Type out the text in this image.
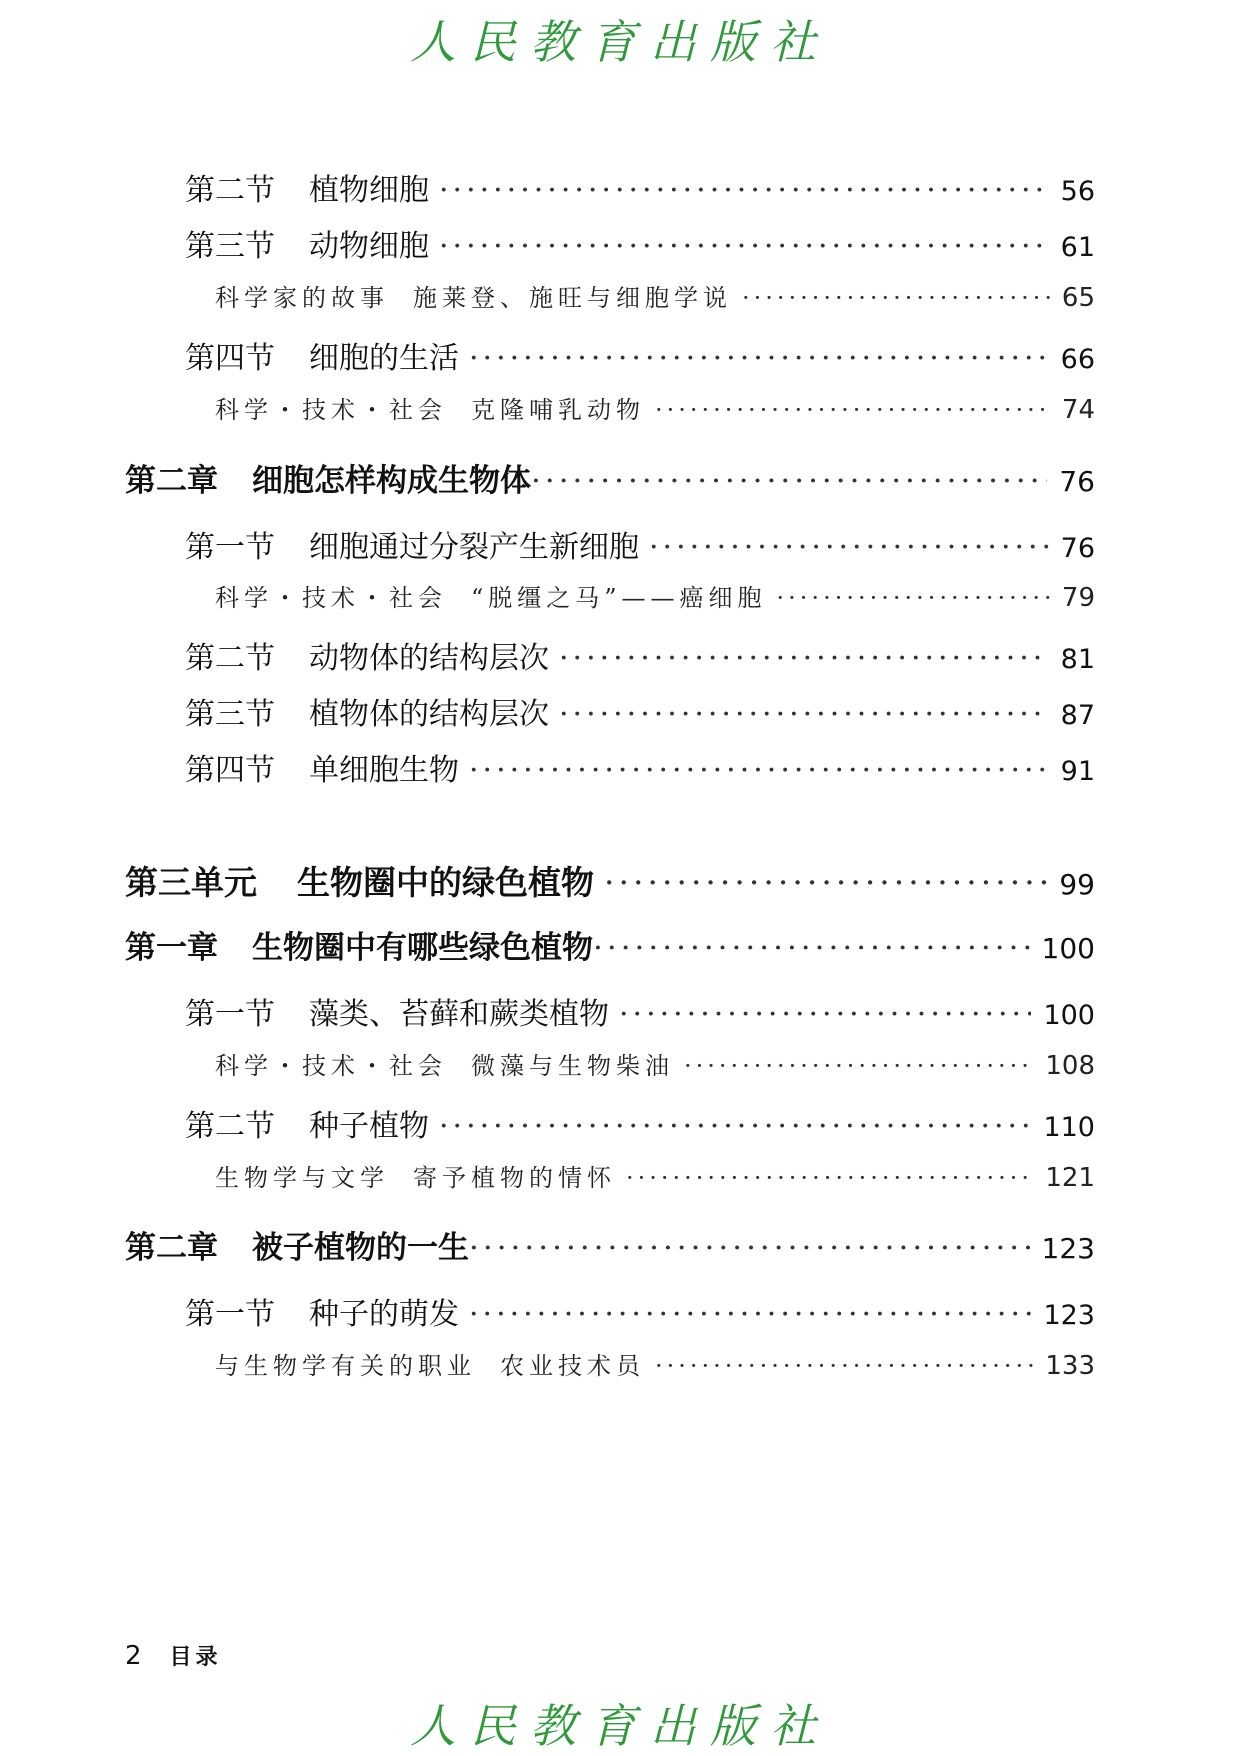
人民教育出版社
第二节 植物细胞 ·····	56
第三节 动物细胞 ·····	61
科学家的故事 施莱登、施旺与细胞学说 ·····	65
第四节 细胞的生活 ·····	66
科学・技术・社会 克隆哺乳动物 ·····	74
第二章 细胞怎样构成生物体 ·····	76
第一节 细胞通过分裂产生新细胞 ·····	76
科学・技术・社会 “脱缰之马”——癌细胞 ·····	79
第二节 动物体的结构层次 ·····	81
第三节 植物体的结构层次 ·····	87
第四节 单细胞生物 ·····	91
第三单元 生物圈中的绿色植物 ·····	99
第一章 生物圈中有哪些绿色植物 ·····	100
第一节 藻类、苔藓和蕨类植物 ·····	100
科学・技术・社会 微藻与生物柴油 ·····	108
第二节 种子植物 ·····	110
生物学与文学 寄予植物的情怀 ·····	121
第二章 被子植物的一生 ·····	123
第一节 种子的萌发 ·····	123
与生物学有关的职业 农业技术员 ·····	133
2 目录
人民教育出版社
